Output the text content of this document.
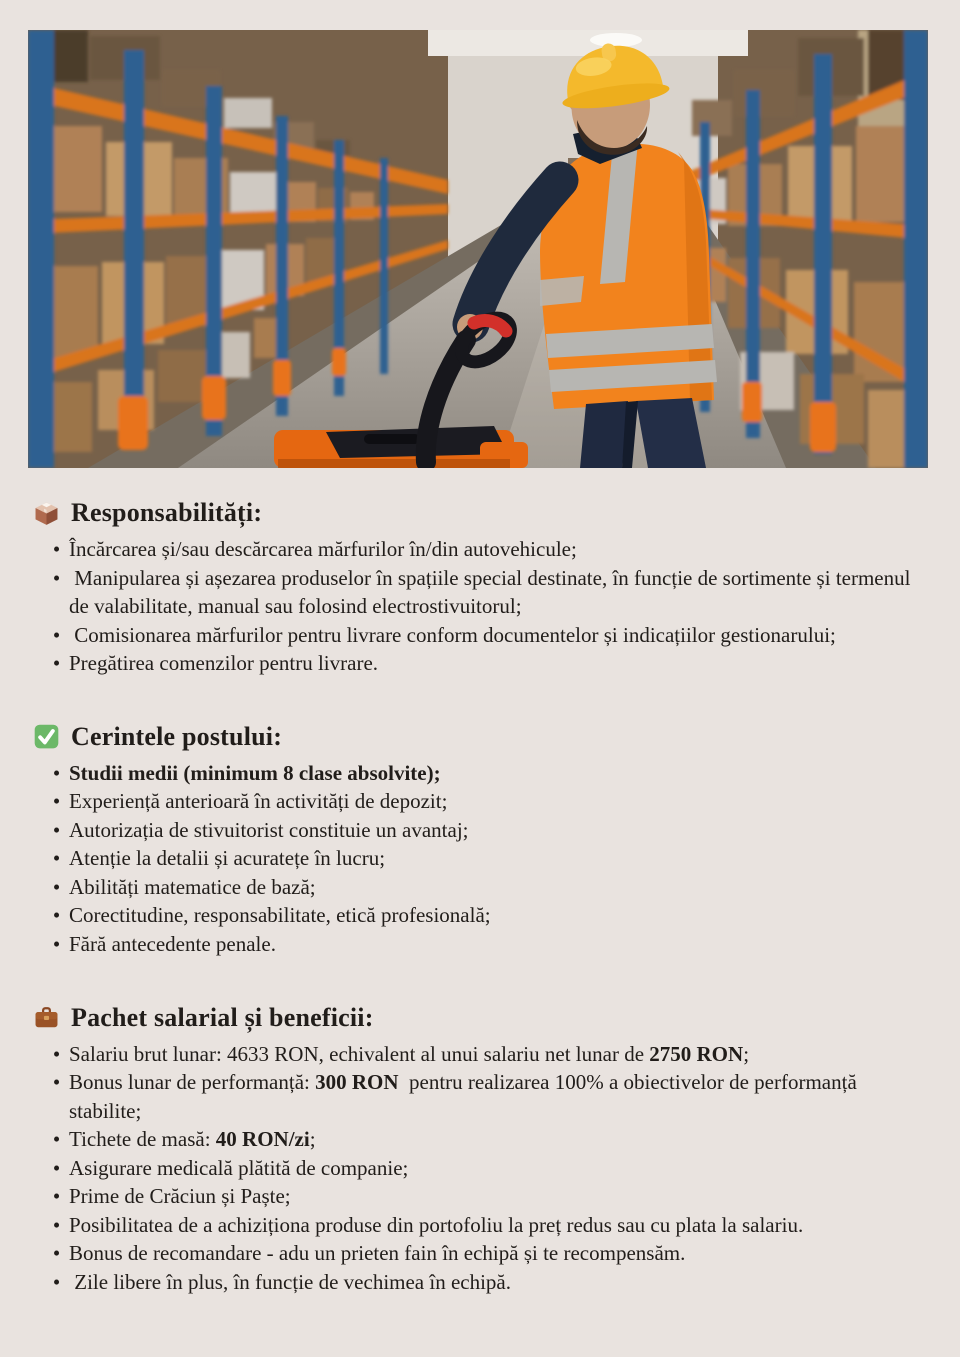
Responsabilități:
• Încărcarea și/sau descărcarea mărfurilor în/din autovehicule;
• Manipularea și așezarea produselor în spațiile special destinate, în funcție de sortimente și termenul de valabilitate, manual sau folosind electrostivuitorul;
• Comisionarea mărfurilor pentru livrare conform documentelor și indicațiilor gestionarului;
• Pregătirea comenzilor pentru livrare.
Cerintele postului:
• Studii medii (minimum 8 clase absolvite);
• Experiență anterioară în activități de depozit;
• Autorizația de stivuitorist constituie un avantaj;
• Atenție la detalii și acuratețe în lucru;
• Abilități matematice de bază;
• Corectitudine, responsabilitate, etică profesională;
• Fără antecedente penale.
Pachet salarial și beneficii:
• Salariu brut lunar: 4633 RON, echivalent al unui salariu net lunar de 2750 RON;
• Bonus lunar de performanță: 300 RON  pentru realizarea 100% a obiectivelor de performanță stabilite;
• Tichete de masă: 40 RON/zi;
• Asigurare medicală plătită de companie;
• Prime de Crăciun și Paște;
• Posibilitatea de a achiziționa produse din portofoliu la preț redus sau cu plata la salariu.
• Bonus de recomandare - adu un prieten fain în echipă și te recompensăm.
• Zile libere în plus, în funcție de vechimea în echipă.
